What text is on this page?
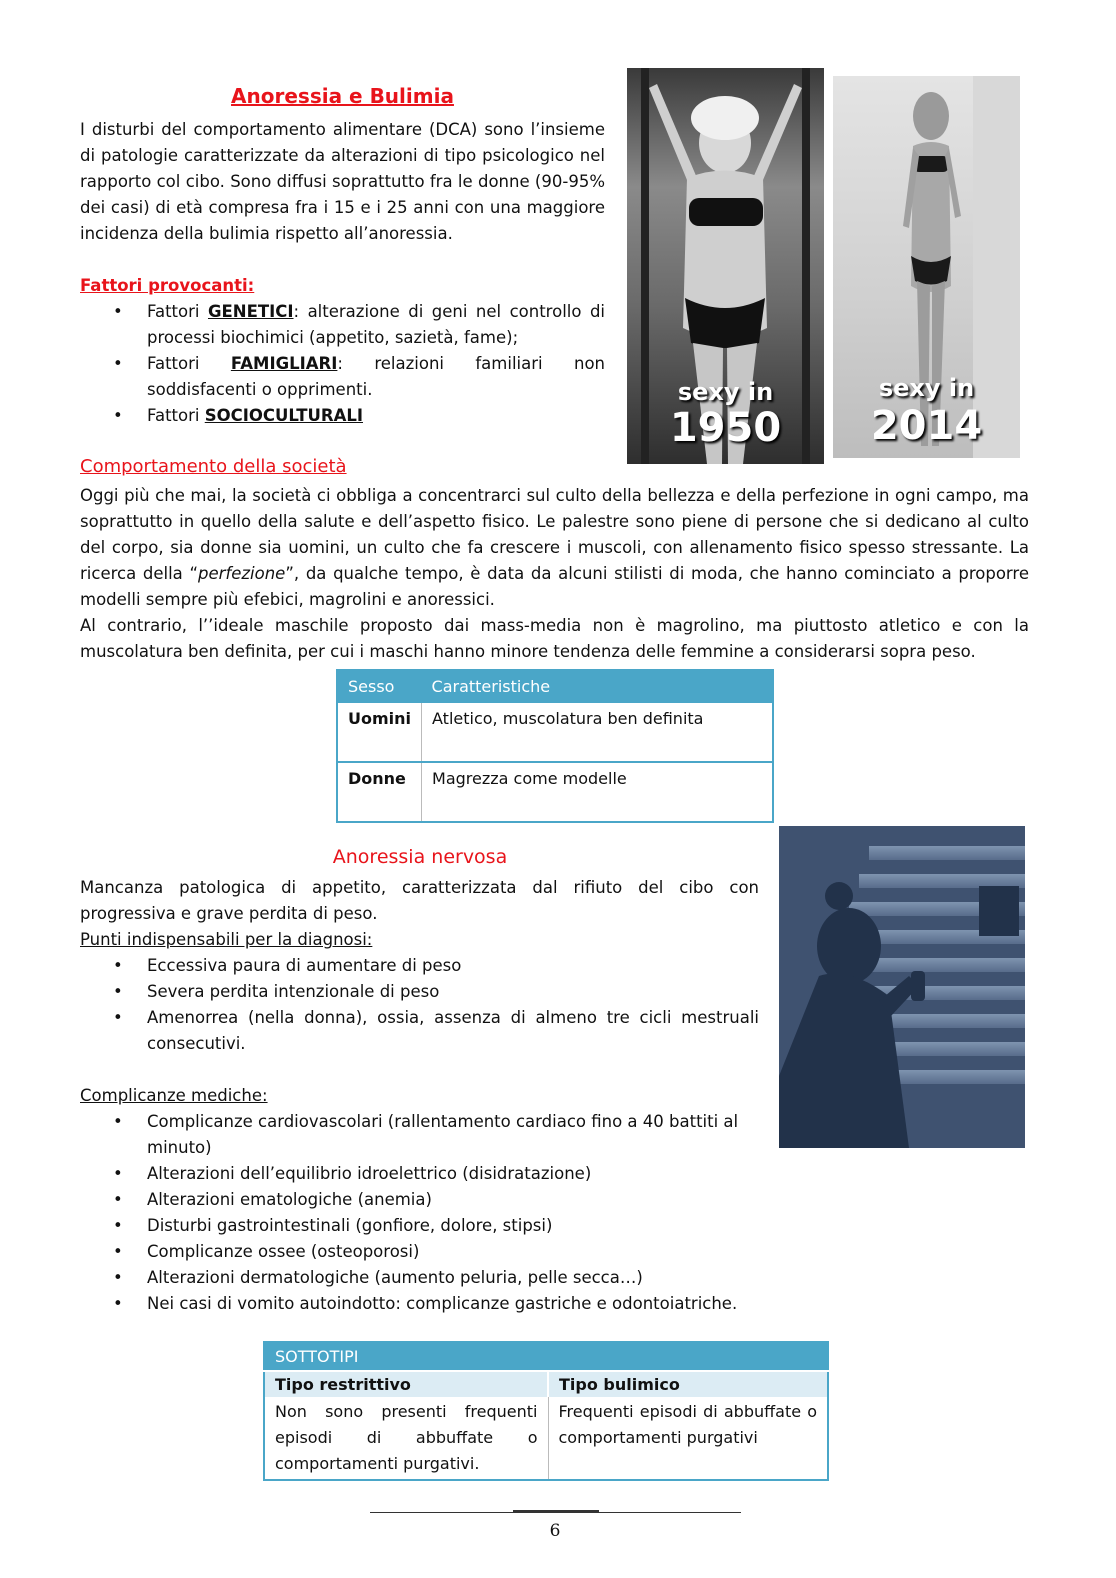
Anoressia e Bulimia
I disturbi del comportamento alimentare (DCA) sono l’insieme di patologie caratterizzate da alterazioni di tipo psicologico nel rapporto col cibo. Sono diffusi soprattutto fra le donne (90-95% dei casi) di età compresa fra i 15 e i 25 anni con una maggiore incidenza della bulimia rispetto all’anoressia.
Fattori provocanti:
• Fattori GENETICI: alterazione di geni nel controllo di processi biochimici (appetito, sazietà, fame);
• Fattori FAMIGLIARI: relazioni familiari non soddisfacenti o opprimenti.
• Fattori SOCIOCULTURALI
sexy in
1950
sexy in
2014
Comportamento della società
Oggi più che mai, la società ci obbliga a concentrarci sul culto della bellezza e della perfezione in ogni campo, ma soprattutto in quello della salute e dell’aspetto fisico. Le palestre sono piene di persone che si dedicano al culto del corpo, sia donne sia uomini, un culto che fa crescere i muscoli, con allenamento fisico spesso stressante. La ricerca della “perfezione”, da qualche tempo, è data da alcuni stilisti di moda, che hanno cominciato a proporre modelli sempre più efebici, magrolini e anoressici.
Al contrario, l’’ideale maschile proposto dai mass-media non è magrolino, ma piuttosto atletico e con la muscolatura ben definita, per cui i maschi hanno minore tendenza delle femmine a considerarsi sopra peso.
Sesso	Caratteristiche
Uomini	Atletico, muscolatura ben definita
Donne	Magrezza come modelle
Anoressia nervosa
Mancanza patologica di appetito, caratterizzata dal rifiuto del cibo con progressiva e grave perdita di peso.
Punti indispensabili per la diagnosi:
• Eccessiva paura di aumentare di peso
• Severa perdita intenzionale di peso
• Amenorrea (nella donna), ossia, assenza di almeno tre cicli mestruali consecutivi.
Complicanze mediche:
• Complicanze cardiovascolari (rallentamento cardiaco fino a 40 battiti al minuto)
• Alterazioni dell’equilibrio idroelettrico (disidratazione)
• Alterazioni ematologiche (anemia)
• Disturbi gastrointestinali (gonfiore, dolore, stipsi)
• Complicanze ossee (osteoporosi)
• Alterazioni dermatologiche (aumento peluria, pelle secca…)
• Nei casi di vomito autoindotto: complicanze gastriche e odontoiatriche.
SOTTOTIPI	
Tipo restrittivo	Tipo bulimico
Non sono presenti frequenti episodi di abbuffate o comportamenti purgativi.	Frequenti episodi di abbuffate o comportamenti purgativi
6
